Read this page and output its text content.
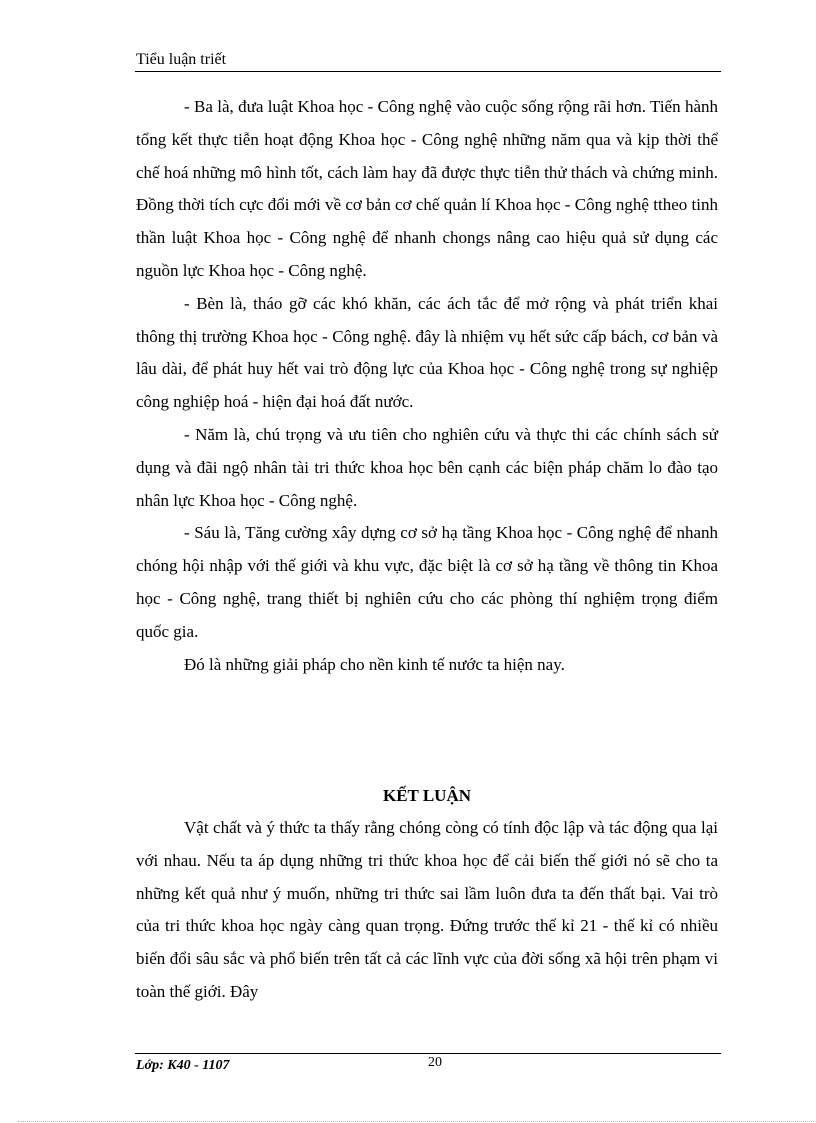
Tiểu luận triết

- Ba là, đưa luật Khoa học - Công nghệ vào cuộc sống rộng rãi hơn. Tiến hành tổng kết thực tiễn hoạt động Khoa học - Công nghệ những năm qua và kịp thời thể chế hoá những mô hình tốt, cách làm hay đã được thực tiễn thử thách và chứng minh. Đồng thời tích cực đổi mới về cơ bản cơ chế quản lí Khoa học - Công nghệ ttheo tinh thần luật Khoa học - Công nghệ để nhanh chongs nâng cao hiệu quả sử dụng các nguồn lực Khoa học - Công nghệ.

- Bèn là, tháo gỡ các khó khăn, các ách tắc để mở rộng và phát triển khai thông thị trường Khoa học - Công nghệ. đây là nhiệm vụ hết sức cấp bách, cơ bản và lâu dài, để phát huy hết vai trò động lực của Khoa học - Công nghệ trong sự nghiệp công nghiệp hoá - hiện đại hoá đất nước.

- Năm là, chú trọng và ưu tiên cho nghiên cứu và thực thi các chính sách sử dụng và đãi ngộ nhân tài tri thức khoa học bên cạnh các biện pháp chăm lo đào tạo nhân lực Khoa học - Công nghệ.

- Sáu là, Tăng cường xây dựng cơ sở hạ tầng Khoa học - Công nghệ để nhanh chóng hội nhập với thế giới và khu vực, đặc biệt là cơ sở hạ tầng về thông tin Khoa học - Công nghệ, trang thiết bị nghiên cứu cho các phòng thí nghiệm trọng điểm quốc gia.

Đó là những giải pháp cho nền kinh tế nước ta hiện nay.

KẾT LUẬN

Vật chất và ý thức ta thấy rằng chóng còng có tính độc lập và tác động qua lại với nhau. Nếu ta áp dụng những tri thức khoa học để cải biến thế giới nó sẽ cho ta những kết quả như ý muốn, những tri thức sai lầm luôn đưa ta đến thất bại. Vai trò của tri thức khoa học ngày càng quan trọng. Đứng trước thế kỉ 21 - thế kỉ có nhiều biến đổi sâu sắc và phổ biến trên tất cả các lĩnh vực của đời sống xã hội trên phạm vi toàn thế giới. Đây

Lớp: K40 - 1107	20
